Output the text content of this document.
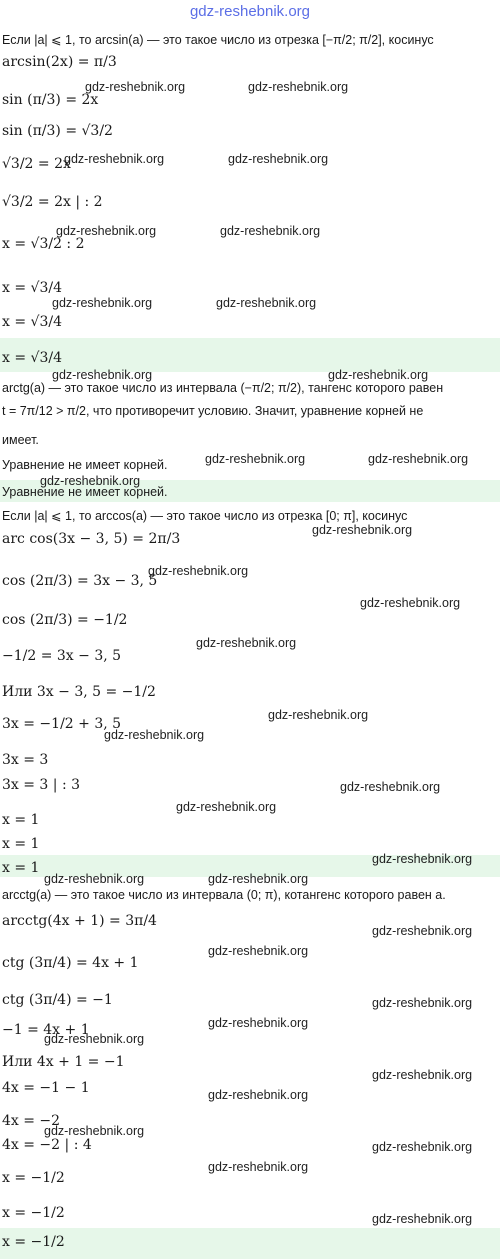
gdz-reshebnik.org
Если |a| ⩽ 1, то arcsin(a) — это такое число из отрезка [−π/2; π/2], косинус
arcsin(2x) = π/3
sin (π/3) = 2x
sin (π/3) = √3/2
√3/2 = 2x
√3/2 = 2x | : 2
x = √3/2 : 2
x = √3/4
x = √3/4
x = √3/4
arctg(a) — это такое число из интервала (−π/2; π/2), тангенс которого равен
t = 7π/12 > π/2, что противоречит условию. Значит, уравнение корней не
имеет.
Уравнение не имеет корней.
Уравнение не имеет корней.
Если |a| ⩽ 1, то arccos(a) — это такое число из отрезка [0; π], косинус
arc cos(3x − 3, 5) = 2π/3
cos (2π/3) = 3x − 3, 5
cos (2π/3) = −1/2
−1/2 = 3x − 3, 5
Или 3x − 3, 5 = −1/2
3x = −1/2 + 3, 5
3x = 3
3x = 3 | : 3
x = 1
x = 1
x = 1
arcctg(a) — это такое число из интервала (0; π), котангенс которого равен a.
arcctg(4x + 1) = 3π/4
ctg (3π/4) = 4x + 1
ctg (3π/4) = −1
−1 = 4x + 1
Или 4x + 1 = −1
4x = −1 − 1
4x = −2
4x = −2 | : 4
x = −1/2
x = −1/2
x = −1/2
gdz-reshebnik.org	gdz-reshebnik.org
gdz-reshebnik.org	gdz-reshebnik.org
gdz-reshebnik.org	gdz-reshebnik.org
gdz-reshebnik.org	gdz-reshebnik.org
gdz-reshebnik.org	gdz-reshebnik.org
gdz-reshebnik.org	gdz-reshebnik.org
gdz-reshebnik.org
gdz-reshebnik.org
gdz-reshebnik.org
gdz-reshebnik.org
gdz-reshebnik.org
gdz-reshebnik.org
gdz-reshebnik.org
gdz-reshebnik.org
gdz-reshebnik.org
gdz-reshebnik.org
gdz-reshebnik.org	gdz-reshebnik.org
gdz-reshebnik.org
gdz-reshebnik.org
gdz-reshebnik.org
gdz-reshebnik.org
gdz-reshebnik.org
gdz-reshebnik.org
gdz-reshebnik.org
gdz-reshebnik.org
gdz-reshebnik.org
gdz-reshebnik.org
gdz-reshebnik.org
